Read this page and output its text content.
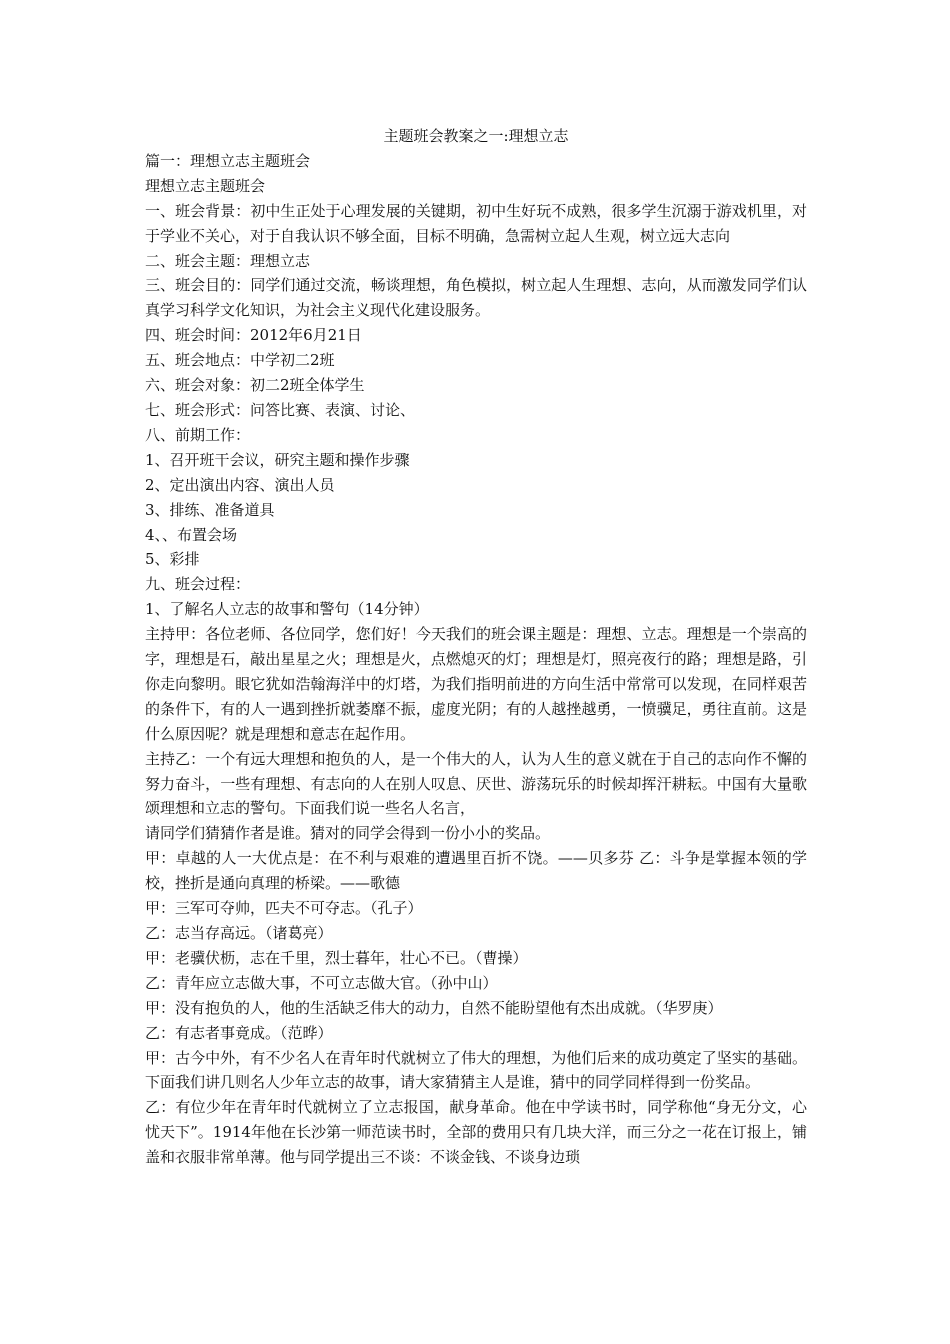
主题班会教案之一:理想立志

篇一：理想立志主题班会

理想立志主题班会

一、班会背景：初中生正处于心理发展的关键期，初中生好玩不成熟，很多学生沉溺于游戏机里，对于学业不关心，对于自我认识不够全面，目标不明确，急需树立起人生观，树立远大志向

二、班会主题：理想立志

三、班会目的：同学们通过交流，畅谈理想，角色模拟，树立起人生理想、志向，从而激发同学们认真学习科学文化知识，为社会主义现代化建设服务。

四、班会时间：2012年6月21日

五、班会地点：中学初二2班

六、班会对象：初二2班全体学生

七、班会形式：问答比赛、表演、讨论、

八、前期工作：

1、召开班干会议，研究主题和操作步骤

2、定出演出内容、演出人员

3、排练、准备道具

4、、布置会场

5、彩排

九、班会过程：

1、了解名人立志的故事和警句（14分钟）

主持甲：各位老师、各位同学，您们好！今天我们的班会课主题是：理想、立志。理想是一个崇高的字，理想是石，敲出星星之火；理想是火，点燃熄灭的灯；理想是灯，照亮夜行的路；理想是路，引你走向黎明。眼它犹如浩翰海洋中的灯塔，为我们指明前进的方向生活中常常可以发现，在同样艰苦的条件下，有的人一遇到挫折就萎靡不振，虚度光阴；有的人越挫越勇，一愤骥足，勇往直前。这是什么原因呢？就是理想和意志在起作用。

主持乙：一个有远大理想和抱负的人，是一个伟大的人，认为人生的意义就在于自己的志向作不懈的努力奋斗，一些有理想、有志向的人在别人叹息、厌世、游荡玩乐的时候却挥汗耕耘。中国有大量歌颂理想和立志的警句。下面我们说一些名人名言，

请同学们猜猜作者是谁。猜对的同学会得到一份小小的奖品。

甲：卓越的人一大优点是：在不利与艰难的遭遇里百折不饶。——贝多芬 乙：斗争是掌握本领的学校，挫折是通向真理的桥梁。——歌德

甲：三军可夺帅，匹夫不可夺志。（孔子）

乙：志当存高远。（诸葛亮）

甲：老骥伏枥，志在千里，烈士暮年，壮心不已。（曹操）

乙：青年应立志做大事，不可立志做大官。（孙中山）

甲：没有抱负的人，他的生活缺乏伟大的动力，自然不能盼望他有杰出成就。（华罗庚）

乙：有志者事竟成。（范晔）

甲：古今中外，有不少名人在青年时代就树立了伟大的理想，为他们后来的成功奠定了坚实的基础。下面我们讲几则名人少年立志的故事，请大家猜猜主人是谁，猜中的同学同样得到一份奖品。

乙：有位少年在青年时代就树立了立志报国，献身革命。他在中学读书时，同学称他“身无分文，心忧天下”。1914年他在长沙第一师范读书时，全部的费用只有几块大洋，而三分之一花在订报上，铺盖和衣服非常单薄。他与同学提出三不谈：不谈金钱、不谈身边琐
